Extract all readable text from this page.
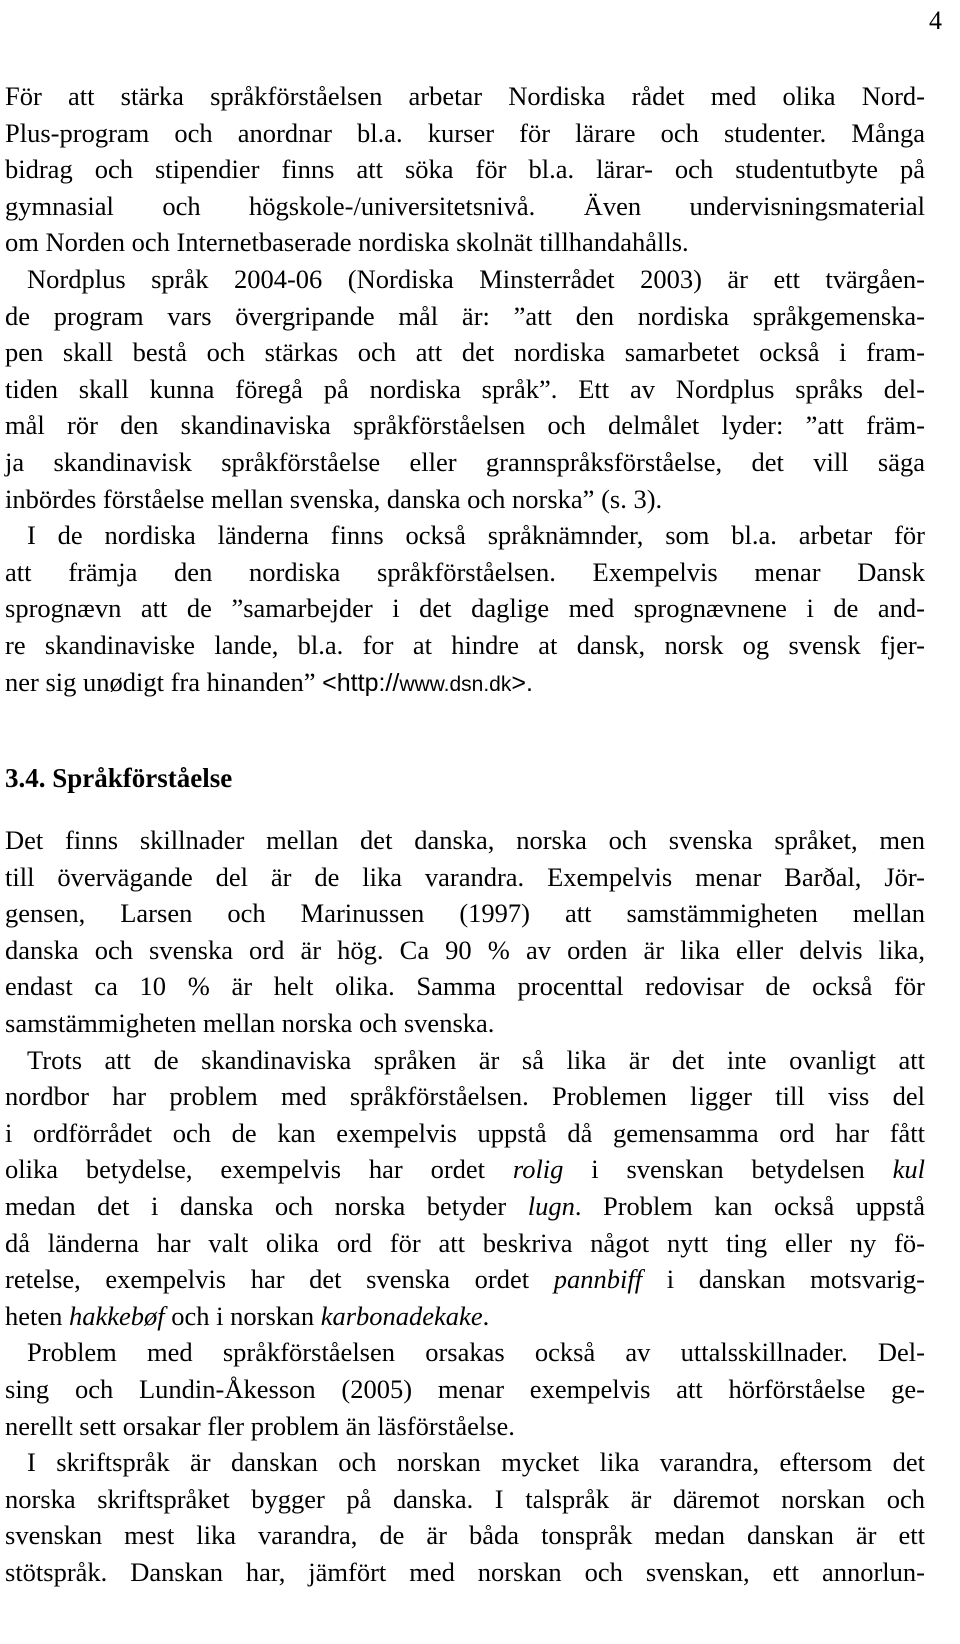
4
För att stärka språkförståelsen arbetar Nordiska rådet med olika Nord-
Plus-program och anordnar bl.a. kurser för lärare och studenter. Många
bidrag och stipendier finns att söka för bl.a. lärar- och studentutbyte på
gymnasial och högskole-/universitetsnivå. Även undervisningsmaterial
om Norden och Internetbaserade nordiska skolnät tillhandahålls.
Nordplus språk 2004-06 (Nordiska Minsterrådet 2003) är ett tvärgåen-
de program vars övergripande mål är: ”att den nordiska språkgemenska-
pen skall bestå och stärkas och att det nordiska samarbetet också i fram-
tiden skall kunna föregå på nordiska språk”. Ett av Nordplus språks del-
mål rör den skandinaviska språkförståelsen och delmålet lyder: ”att främ-
ja skandinavisk språkförståelse eller grannspråksförståelse, det vill säga
inbördes förståelse mellan svenska, danska och norska” (s. 3).
I de nordiska länderna finns också språknämnder, som bl.a. arbetar för
att främja den nordiska språkförståelsen. Exempelvis menar Dansk
sprognævn att de ”samarbejder i det daglige med sprognævnene i de and-
re skandinaviske lande, bl.a. for at hindre at dansk, norsk og svensk fjer-
ner sig unødigt fra hinanden” <http://www.dsn.dk>.
3.4. Språkförståelse
Det finns skillnader mellan det danska, norska och svenska språket, men
till övervägande del är de lika varandra. Exempelvis menar Barðal, Jör-
gensen, Larsen och Marinussen (1997) att samstämmigheten mellan
danska och svenska ord är hög. Ca 90 % av orden är lika eller delvis lika,
endast ca 10 % är helt olika. Samma procenttal redovisar de också för
samstämmigheten mellan norska och svenska.
Trots att de skandinaviska språken är så lika är det inte ovanligt att
nordbor har problem med språkförståelsen. Problemen ligger till viss del
i ordförrådet och de kan exempelvis uppstå då gemensamma ord har fått
olika betydelse, exempelvis har ordet rolig i svenskan betydelsen kul
medan det i danska och norska betyder lugn. Problem kan också uppstå
då länderna har valt olika ord för att beskriva något nytt ting eller ny fö-
retelse, exempelvis har det svenska ordet pannbiff i danskan motsvarig-
heten hakkebøf och i norskan karbonadekake.
Problem med språkförståelsen orsakas också av uttalsskillnader. Del-
sing och Lundin-Åkesson (2005) menar exempelvis att hörförståelse ge-
nerellt sett orsakar fler problem än läsförståelse.
I skriftspråk är danskan och norskan mycket lika varandra, eftersom det
norska skriftspråket bygger på danska. I talspråk är däremot norskan och
svenskan mest lika varandra, de är båda tonspråk medan danskan är ett
stötspråk. Danskan har, jämfört med norskan och svenskan, ett annorlun-
